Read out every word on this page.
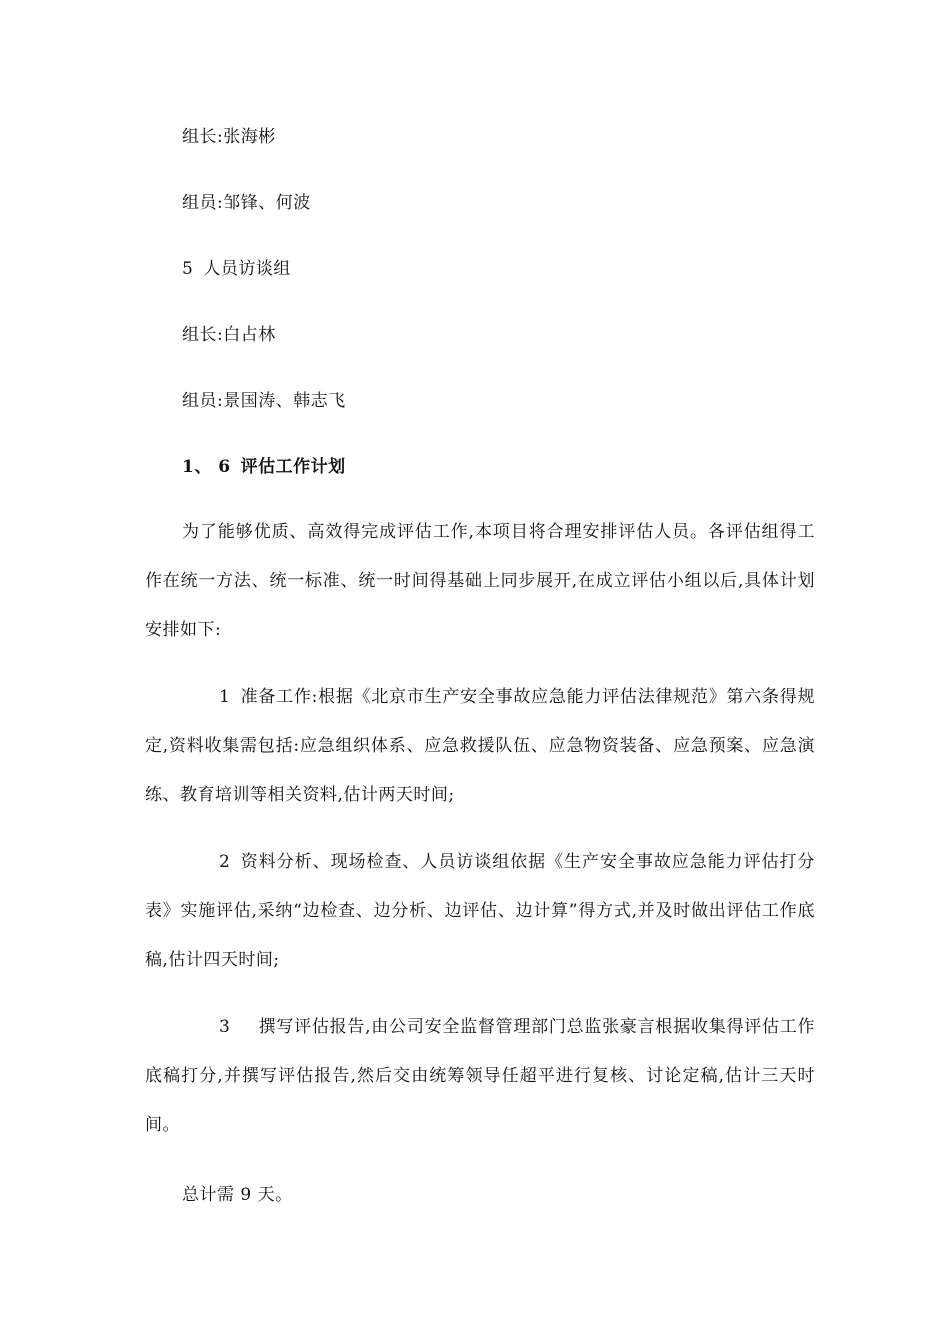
组长:张海彬
组员:邹锋、何波
5 人员访谈组
组长:白占林
组员:景国涛、韩志飞
1、 6 评估工作计划
为了能够优质、高效得完成评估工作,本项目将合理安排评估人员。各评估组得工作在统一方法、统一标准、统一时间得基础上同步展开,在成立评估小组以后,具体计划安排如下:
1 准备工作:根据《北京市生产安全事故应急能力评估法律规范》第六条得规定,资料收集需包括:应急组织体系、应急救援队伍、应急物资装备、应急预案、应急演练、教育培训等相关资料,估计两天时间;
2 资料分析、现场检查、人员访谈组依据《生产安全事故应急能力评估打分表》实施评估,采纳“边检查、边分析、边评估、边计算”得方式,并及时做出评估工作底稿,估计四天时间;
3 撰写评估报告,由公司安全监督管理部门总监张豪言根据收集得评估工作底稿打分,并撰写评估报告,然后交由统筹领导任超平进行复核、讨论定稿,估计三天时间。
总计需 9 天。
